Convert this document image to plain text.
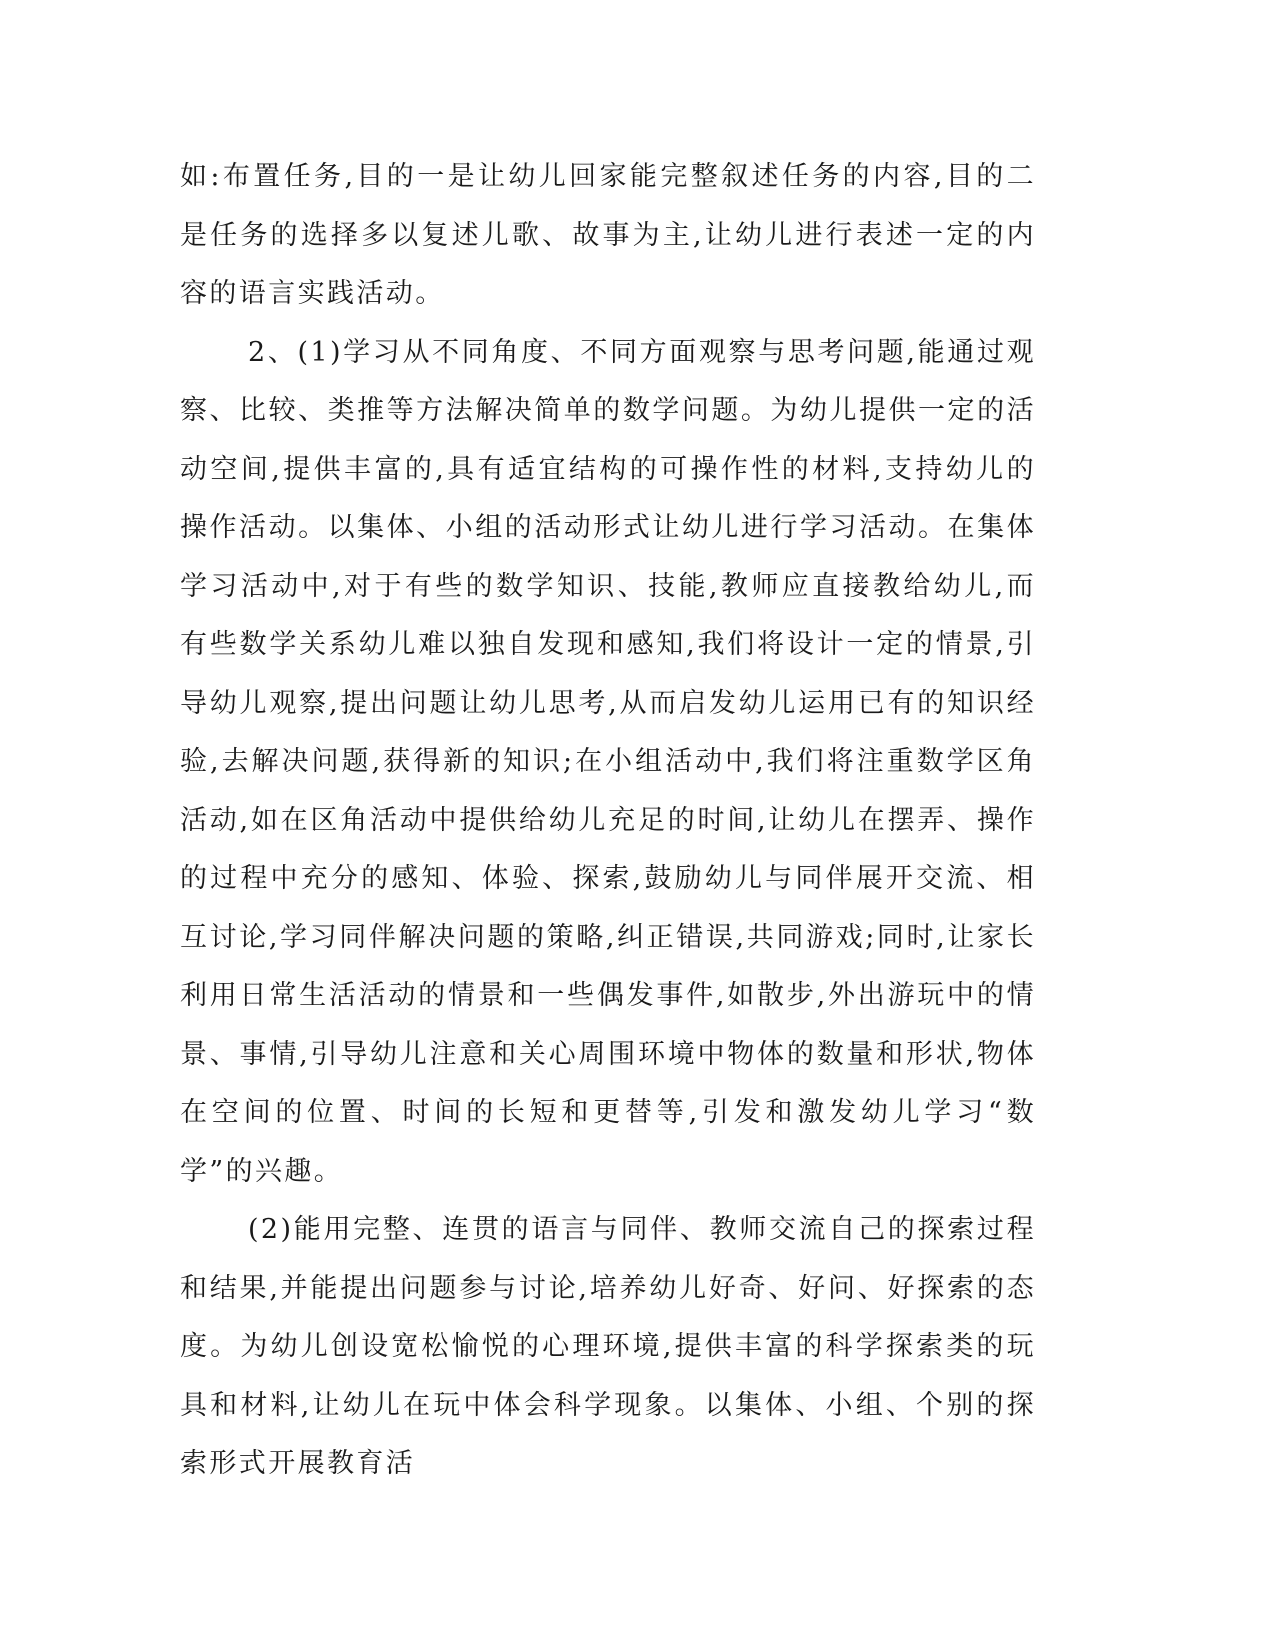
如:布置任务,目的一是让幼儿回家能完整叙述任务的内容,目的二是任务的选择多以复述儿歌、故事为主,让幼儿进行表述一定的内容的语言实践活动。

2、(1)学习从不同角度、不同方面观察与思考问题,能通过观察、比较、类推等方法解决简单的数学问题。为幼儿提供一定的活动空间,提供丰富的,具有适宜结构的可操作性的材料,支持幼儿的操作活动。以集体、小组的活动形式让幼儿进行学习活动。在集体学习活动中,对于有些的数学知识、技能,教师应直接教给幼儿,而有些数学关系幼儿难以独自发现和感知,我们将设计一定的情景,引导幼儿观察,提出问题让幼儿思考,从而启发幼儿运用已有的知识经验,去解决问题,获得新的知识;在小组活动中,我们将注重数学区角活动,如在区角活动中提供给幼儿充足的时间,让幼儿在摆弄、操作的过程中充分的感知、体验、探索,鼓励幼儿与同伴展开交流、相互讨论,学习同伴解决问题的策略,纠正错误,共同游戏;同时,让家长利用日常生活活动的情景和一些偶发事件,如散步,外出游玩中的情景、事情,引导幼儿注意和关心周围环境中物体的数量和形状,物体在空间的位置、时间的长短和更替等,引发和激发幼儿学习“数学”的兴趣。

(2)能用完整、连贯的语言与同伴、教师交流自己的探索过程和结果,并能提出问题参与讨论,培养幼儿好奇、好问、好探索的态度。为幼儿创设宽松愉悦的心理环境,提供丰富的科学探索类的玩具和材料,让幼儿在玩中体会科学现象。以集体、小组、个别的探索形式开展教育活
